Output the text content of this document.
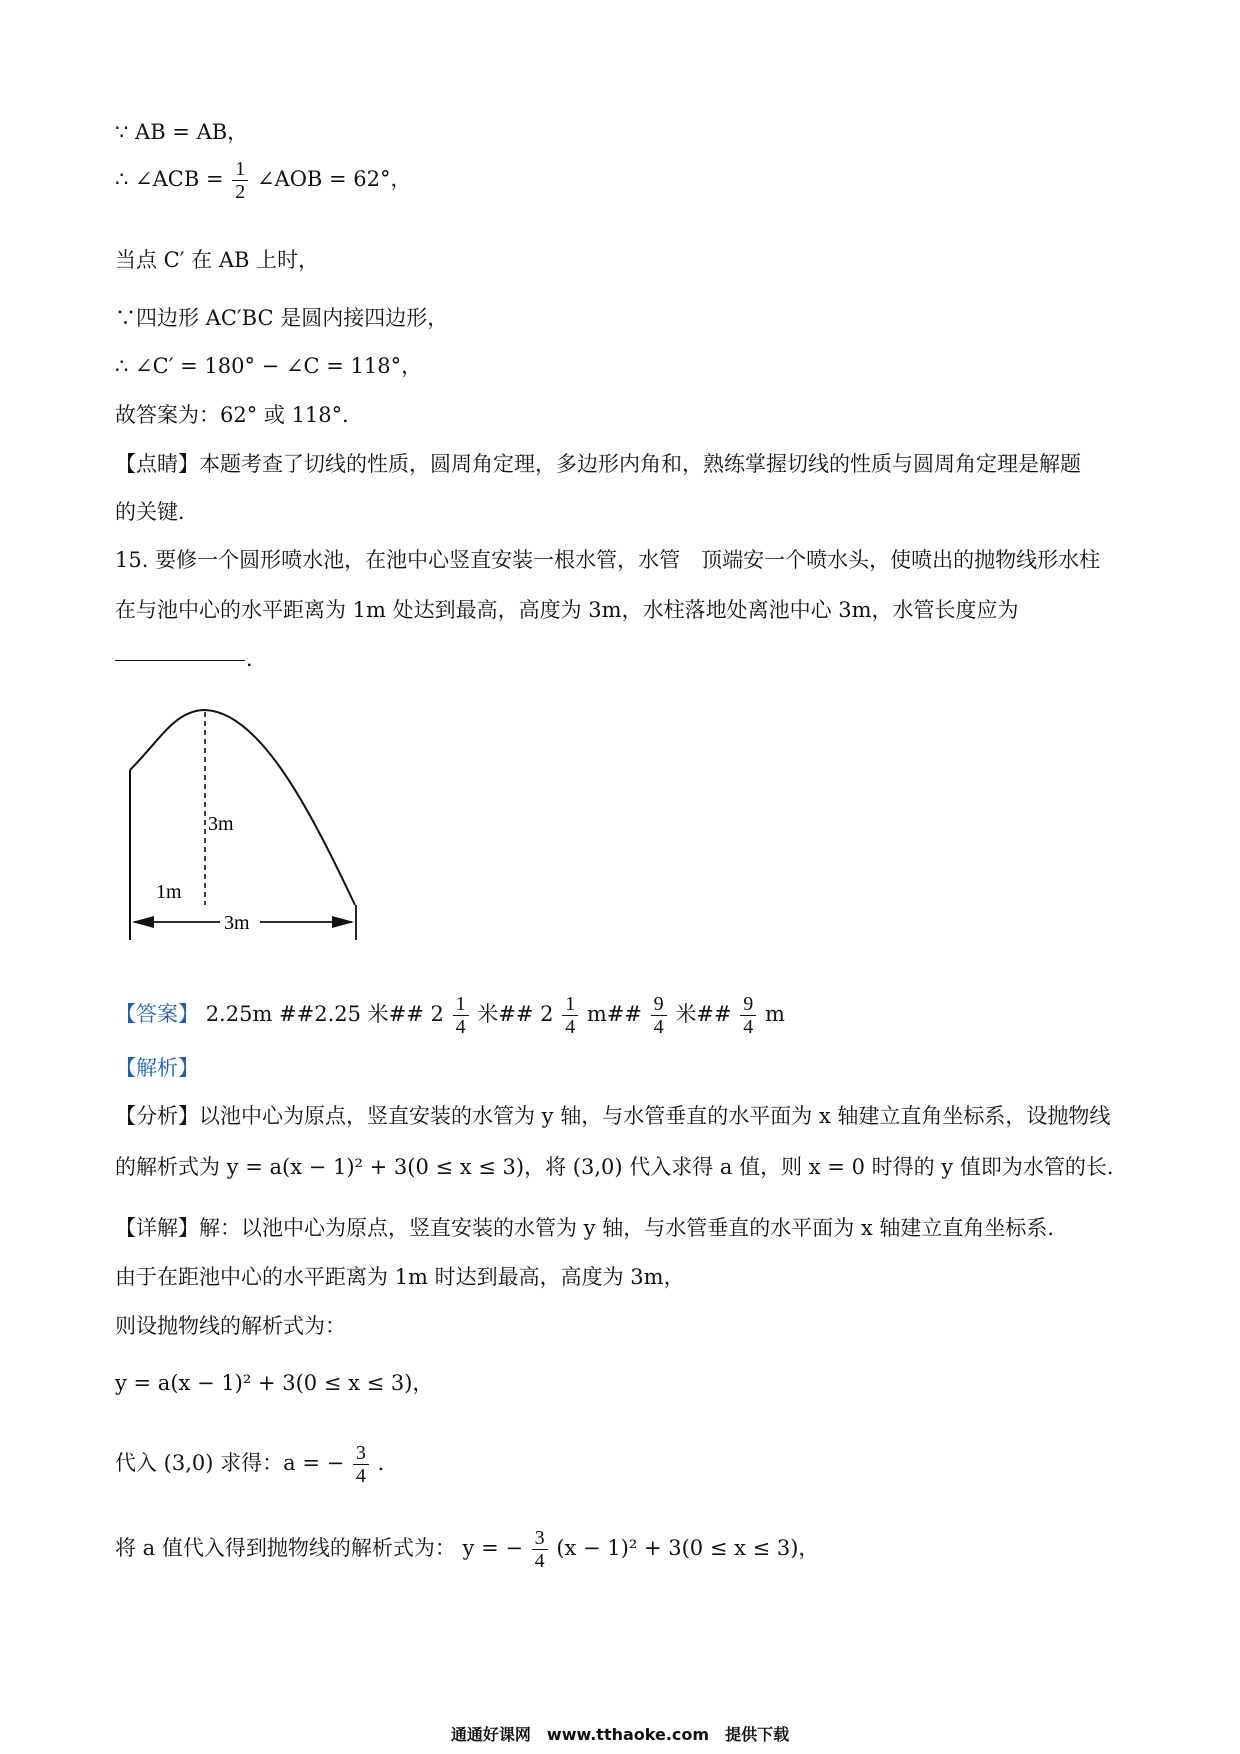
∵ AB = AB，
∴ ∠ACB = $\frac{1}{2}$ ∠AOB = 62°，
当点 C′ 在 AB 上时，
∵四边形 AC′BC 是圆内接四边形，
∴ ∠C′ = 180° − ∠C = 118°，
故答案为：62° 或 118°．
【点睛】本题考查了切线的性质，圆周角定理，多边形内角和，熟练掌握切线的性质与圆周角定理是解题
的关键．
15. 要修一个圆形喷水池，在池中心竖直安装一根水管，水管　顶端安一个喷水头，使喷出的抛物线形水柱
在与池中心的水平距离为 1m 处达到最高，高度为 3m，水柱落地处离池中心 3m，水管长度应为
．
3m
1m
3m
【答案】 2.25m ##2.25 米## $2 \frac{1}{4}$ 米## $2 \frac{1}{4}$ m## $\frac{9}{4}$ 米## $\frac{9}{4}$ m
【解析】
【分析】以池中心为原点，竖直安装的水管为 y 轴，与水管垂直的水平面为 x 轴建立直角坐标系，设抛物线
的解析式为 y = a(x − 1)² + 3(0 ≤ x ≤ 3)，将 (3,0) 代入求得 a 值，则 x = 0 时得的 y 值即为水管的长．
【详解】解：以池中心为原点，竖直安装的水管为 y 轴，与水管垂直的水平面为 x 轴建立直角坐标系．
由于在距池中心的水平距离为 1m 时达到最高，高度为 3m，
则设抛物线的解析式为：
y = a(x − 1)² + 3(0 ≤ x ≤ 3)，
代入 (3,0) 求得：a = − $\frac{3}{4}$ ．
将 a 值代入得到抛物线的解析式为： y = − $\frac{3}{4} (x - 1)^2 + 3(0 \le x \le 3)$，
通通好课网　www.tthaoke.com　提供下载
